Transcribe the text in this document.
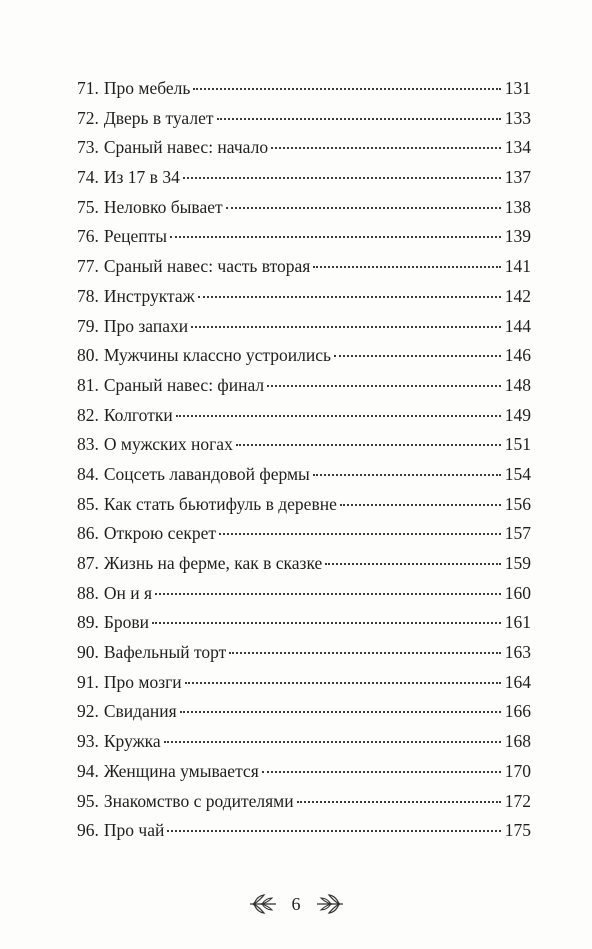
71. Про мебель	131
72. Дверь в туалет	133
73. Сраный навес: начало	134
74. Из 17 в 34	137
75. Неловко бывает	138
76. Рецепты	139
77. Сраный навес: часть вторая	141
78. Инструктаж	142
79. Про запахи	144
80. Мужчины классно устроились	146
81. Сраный навес: финал	148
82. Колготки	149
83. О мужских ногах	151
84. Соцсеть лавандовой фермы	154
85. Как стать бьютифуль в деревне	156
86. Открою секрет	157
87. Жизнь на ферме, как в сказке	159
88. Он и я	160
89. Брови	161
90. Вафельный торт	163
91. Про мозги	164
92. Свидания	166
93. Кружка	168
94. Женщина умывается	170
95. Знакомство с родителями	172
96. Про чай	175
6
